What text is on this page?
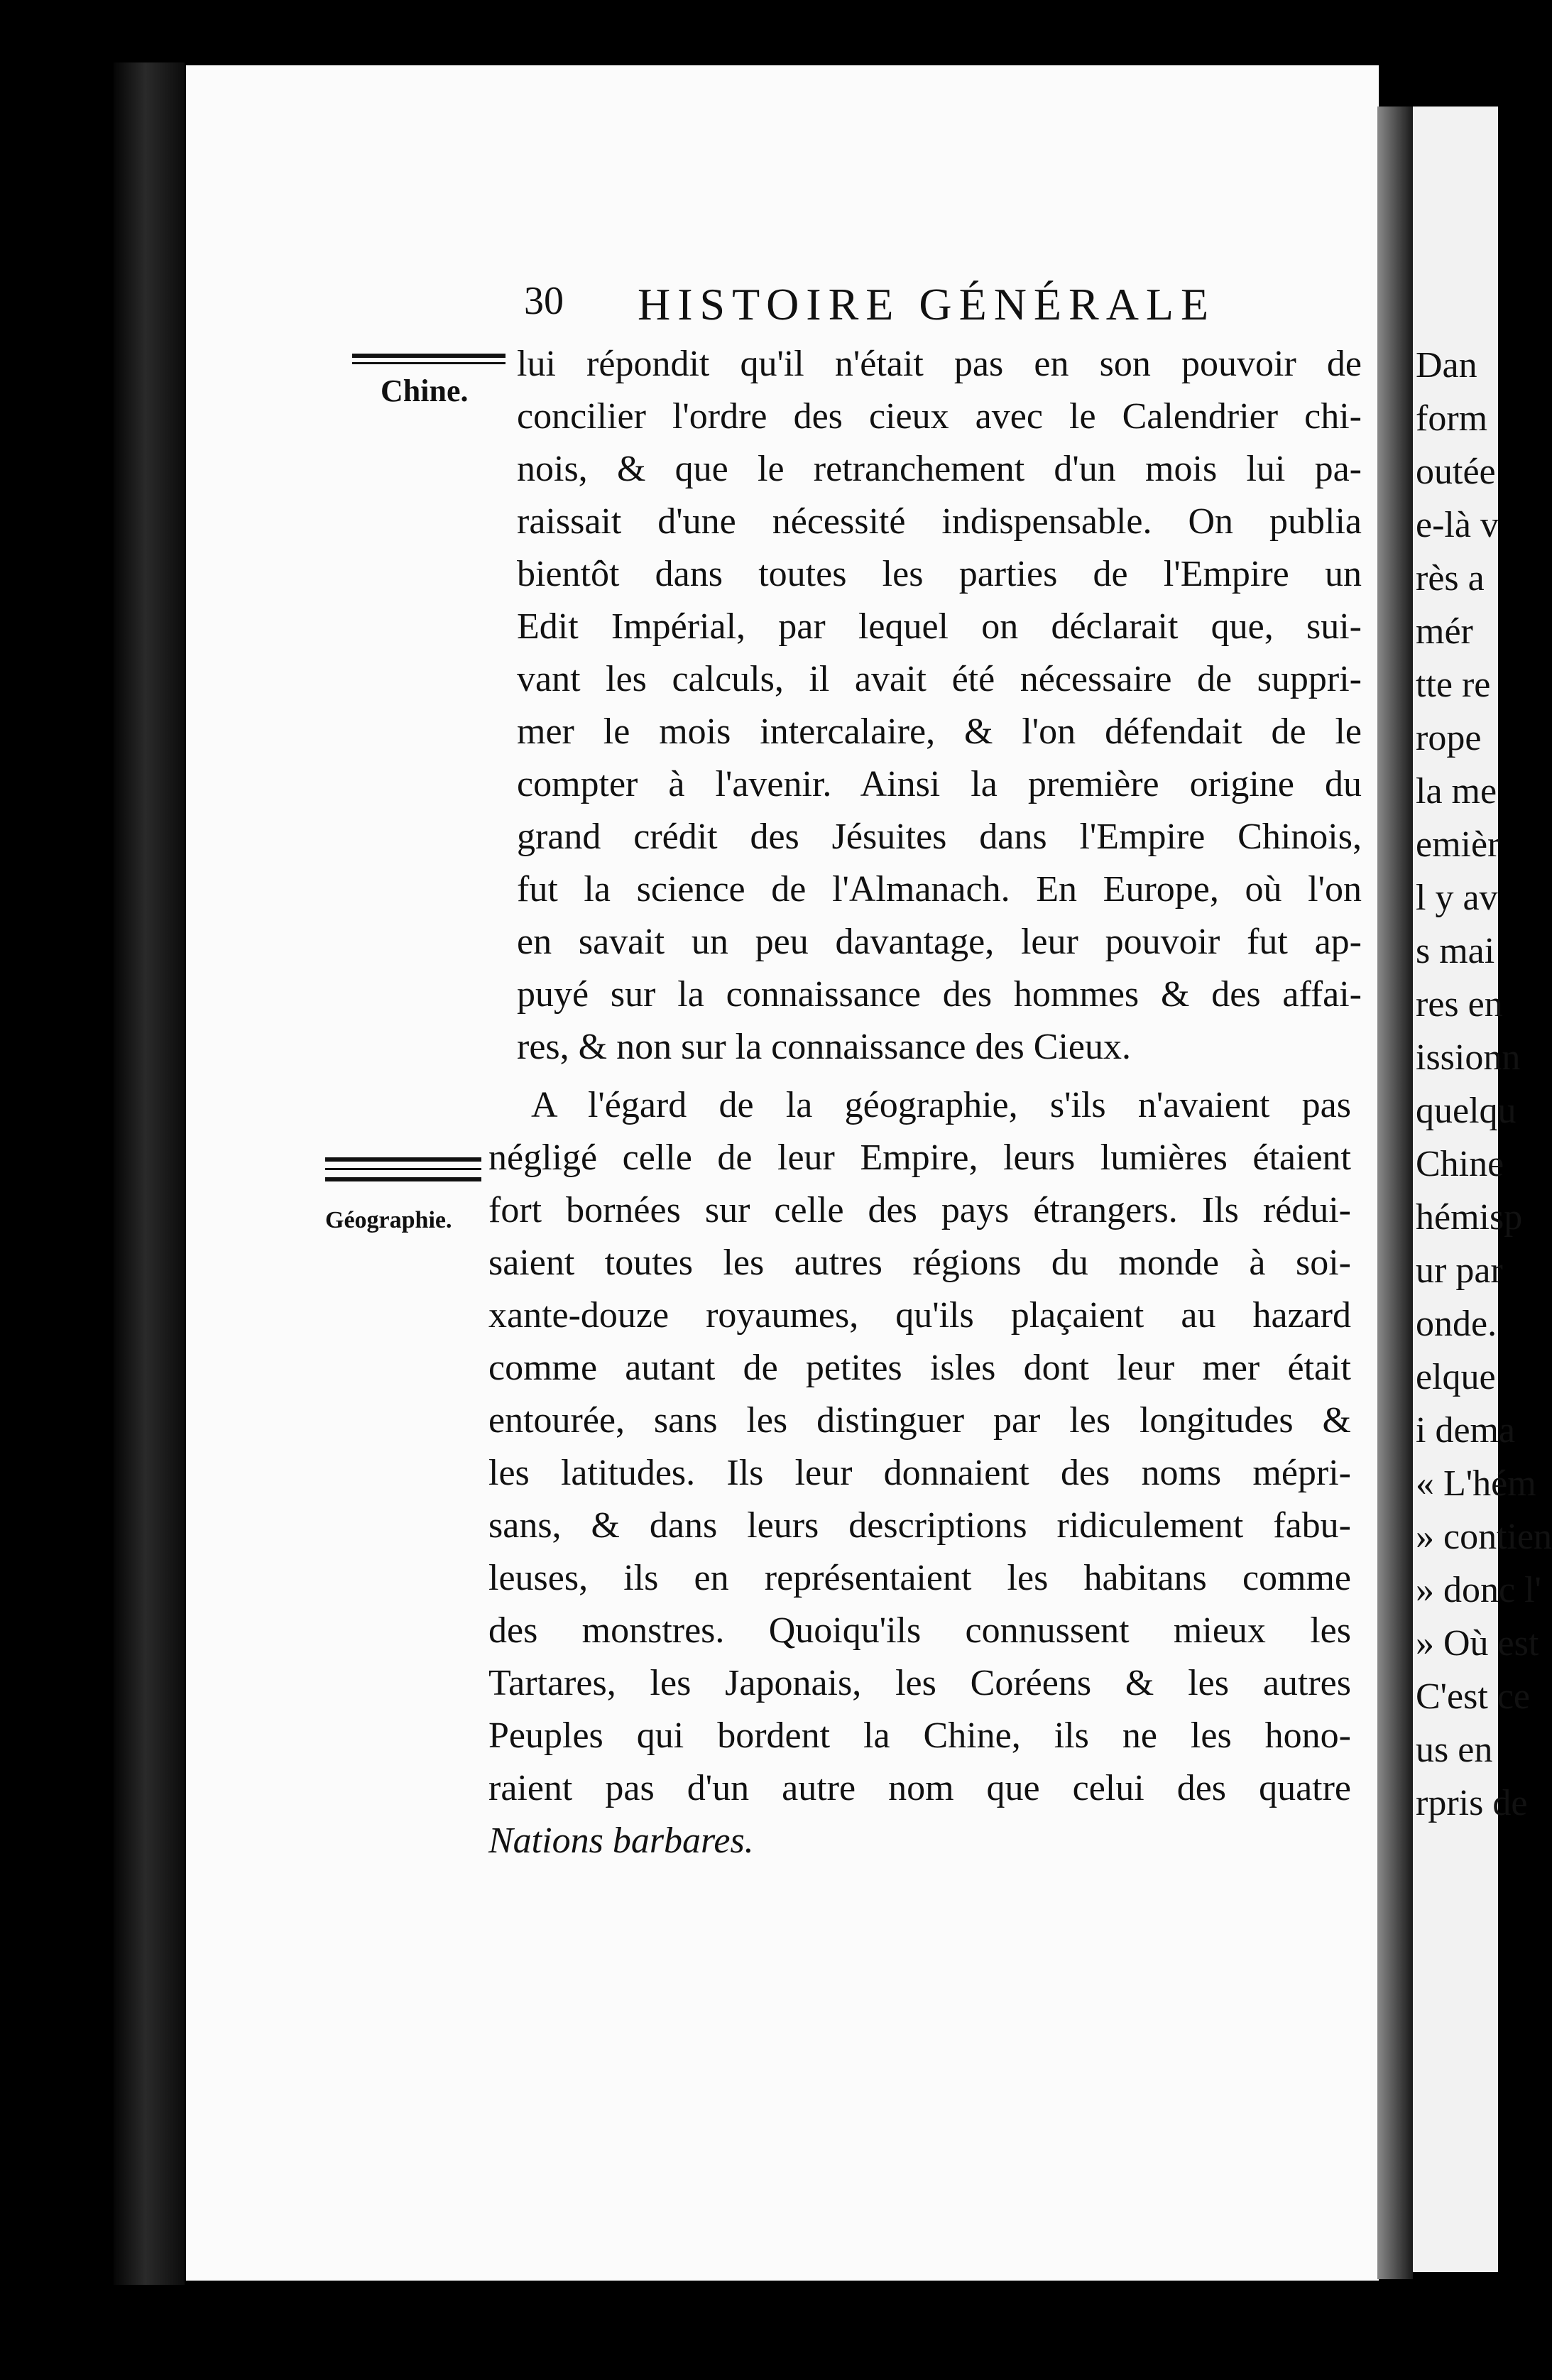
Dan
form
outée
e-là v
rès a
mér
tte re
rope
la me
emièr
l y av
s mai
res en
issionn
quelqu
Chine
hémisp
ur par
onde.
elque
i dema
« L'hém
» contien
» donc l'
» Où est
C'est ce
us en
rpris de
30 HISTOIRE GÉNÉRALE
Chine.
Géographie.
lui répondit qu'il n'était pas en son pouvoir de
concilier l'ordre des cieux avec le Calendrier chi-
nois, & que le retranchement d'un mois lui pa-
raissait d'une nécessité indispensable. On publia
bientôt dans toutes les parties de l'Empire un
Edit Impérial, par lequel on déclarait que, sui-
vant les calculs, il avait été nécessaire de suppri-
mer le mois intercalaire, & l'on défendait de le
compter à l'avenir. Ainsi la première origine du
grand crédit des Jésuites dans l'Empire Chinois,
fut la science de l'Almanach. En Europe, où l'on
en savait un peu davantage, leur pouvoir fut ap-
puyé sur la connaissance des hommes & des affai-
res, & non sur la connaissance des Cieux.
A l'égard de la géographie, s'ils n'avaient pas
négligé celle de leur Empire, leurs lumières étaient
fort bornées sur celle des pays étrangers. Ils rédui-
saient toutes les autres régions du monde à soi-
xante-douze royaumes, qu'ils plaçaient au hazard
comme autant de petites isles dont leur mer était
entourée, sans les distinguer par les longitudes &
les latitudes. Ils leur donnaient des noms mépri-
sans, & dans leurs descriptions ridiculement fabu-
leuses, ils en représentaient les habitans comme
des monstres. Quoiqu'ils connussent mieux les
Tartares, les Japonais, les Coréens & les autres
Peuples qui bordent la Chine, ils ne les hono-
raient pas d'un autre nom que celui des quatre
Nations barbares.
